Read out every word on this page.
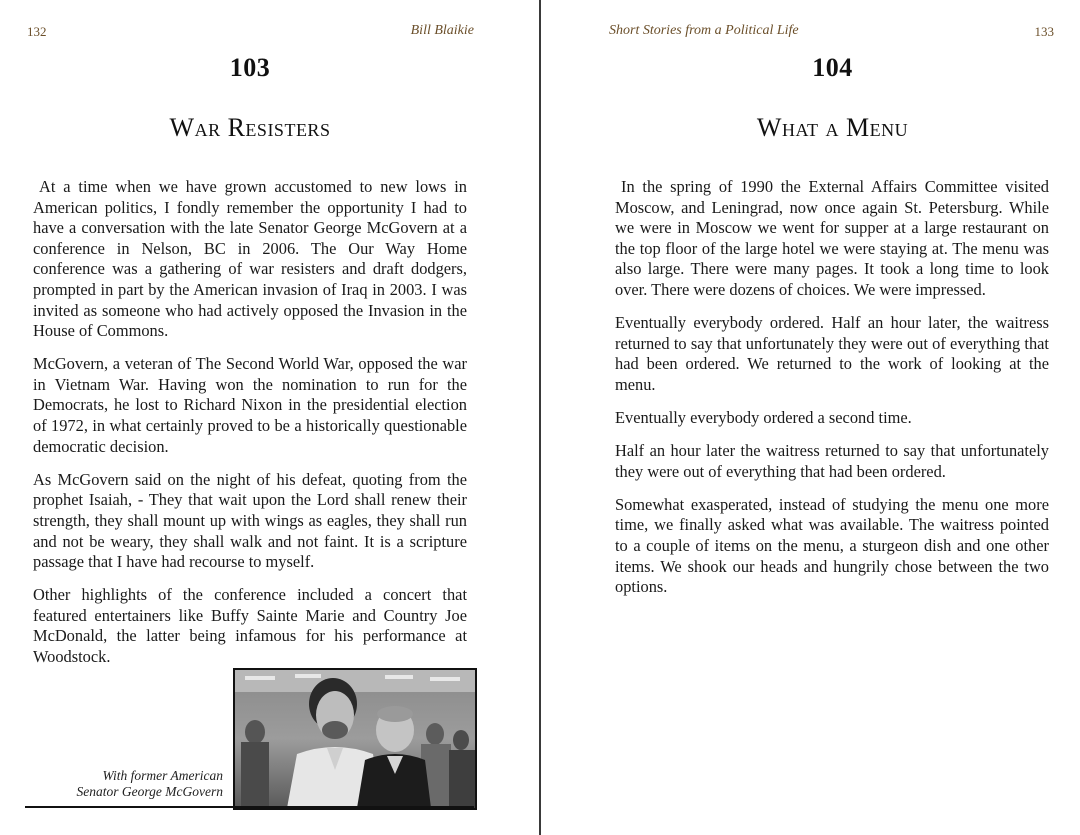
132	Bill Blaikie
103
War Resisters

At a time when we have grown accustomed to new lows in American politics, I fondly remember the opportunity I had to have a conversation with the late Senator George McGovern at a conference in Nelson, BC in 2006. The Our Way Home conference was a gathering of war resisters and draft dodgers, prompted in part by the American invasion of Iraq in 2003. I was invited as someone who had actively opposed the Invasion in the House of Commons.

McGovern, a veteran of The Second World War, opposed the war in Vietnam War. Having won the nomination to run for the Democrats, he lost to Richard Nixon in the presidential election of 1972, in what certainly proved to be a historically questionable democratic decision.

As McGovern said on the night of his defeat, quoting from the prophet Isaiah, - They that wait upon the Lord shall renew their strength, they shall mount up with wings as eagles, they shall run and not be weary, they shall walk and not faint. It is a scripture passage that I have had recourse to myself.

Other highlights of the conference included a concert that featured entertainers like Buffy Sainte Marie and Country Joe McDonald, the latter being infamous for his performance at Woodstock.

With former American
Senator George McGovern
Short Stories from a Political Life	133
104
What a Menu

In the spring of 1990 the External Affairs Committee visited Moscow, and Leningrad, now once again St. Petersburg. While we were in Moscow we went for supper at a large restaurant on the top floor of the large hotel we were staying at. The menu was also large. There were many pages. It took a long time to look over. There were dozens of choices. We were impressed.

Eventually everybody ordered. Half an hour later, the waitress returned to say that unfortunately they were out of everything that had been ordered. We returned to the work of looking at the menu.

Eventually everybody ordered a second time.

Half an hour later the waitress returned to say that unfortunately they were out of everything that had been ordered.

Somewhat exasperated, instead of studying the menu one more time, we finally asked what was available. The waitress pointed to a couple of items on the menu, a sturgeon dish and one other items. We shook our heads and hungrily chose between the two options.
